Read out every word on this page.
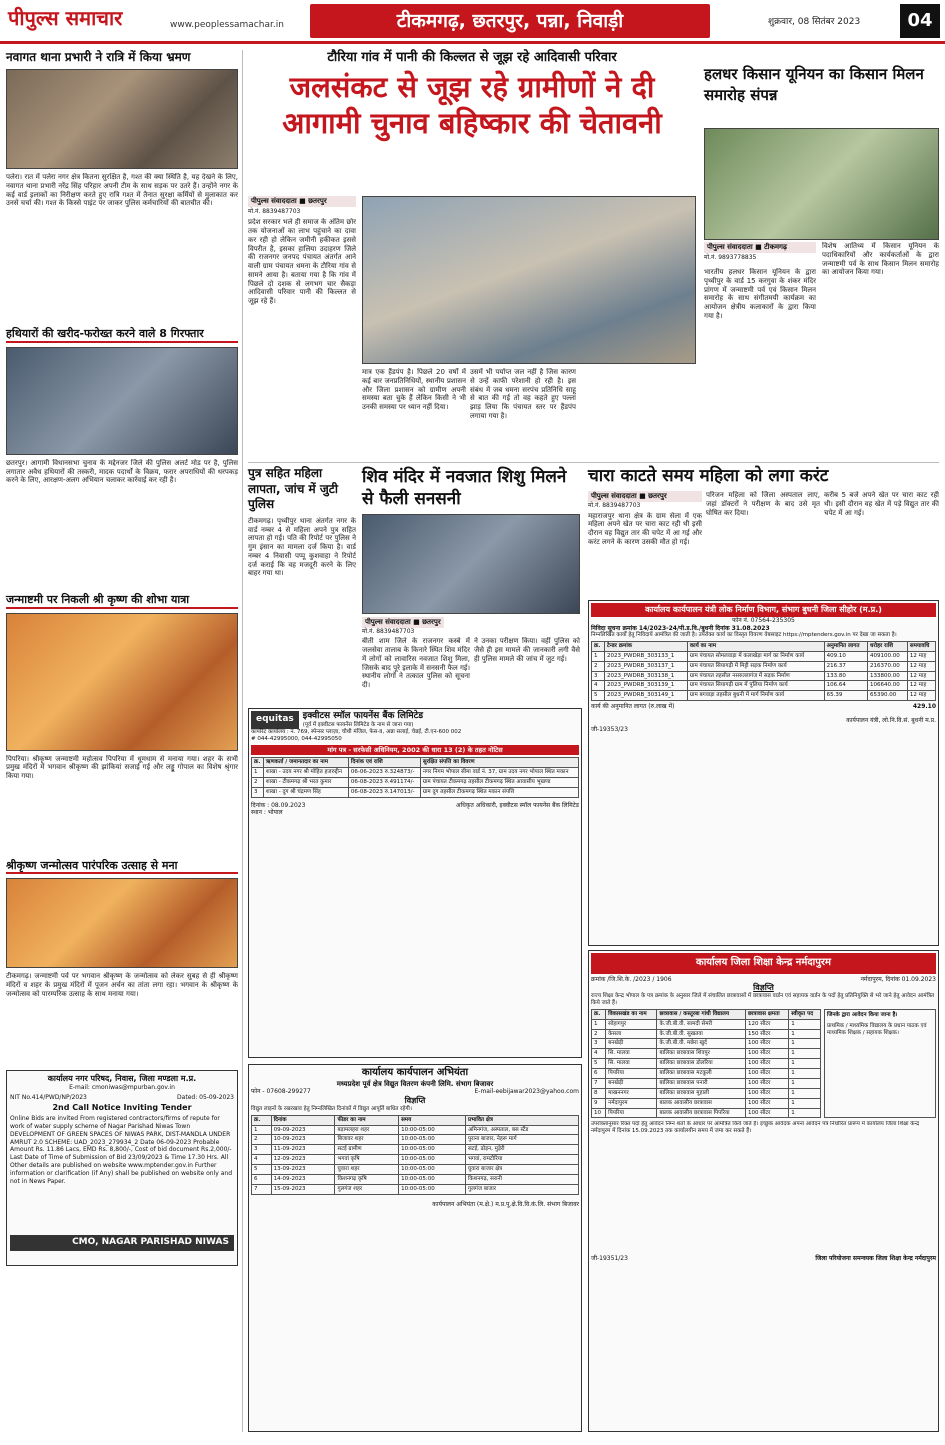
पीपुल्स समाचार	www.peoplessamachar.in	टीकमगढ़, छतरपुर, पन्ना, निवाड़ी	शुक्रवार, 08 सितंबर 2023	04
नवागत थाना प्रभारी ने रात्रि में किया भ्रमण
पलेरा। रात में पलेरा नगर क्षेत्र कितना सुरक्षित है, गश्त की क्या स्थिति है, यह देखने के लिए, नवागत थाना प्रभारी नरेंद्र सिंह परिहार अपनी टीम के साथ सड़क पर उतरे हैं। उन्होंने नगर के कई वार्ड इलाकों का निरीक्षण करते हुए रात्रि गश्त में तैनात सुरक्षा कर्मियों से मुलाकात कर उनसे चर्चा की। गश्त के किस्से पाइंट पर जाकर पुलिस कर्मचारियों की बातचीत की।
हथियारों की खरीद-फरोख्त करने वाले 8 गिरफ्तार
छतरपुर। आगामी विधानसभा चुनाव के मद्देनजर जिले की पुलिस अलर्ट मोड पर है, पुलिस लगातार अवैध हथियारों की तस्करी, मादक पदार्थों के विक्रय, फरार अपराधियों की धरपकड़ करने के लिए, आरक्षण-अलग अभियान चलाकर कार्रवाई कर रही है।
जन्माष्टमी पर निकली श्री कृष्ण की शोभा यात्रा
पिपरिया। श्रीकृष्ण जन्माष्टमी महोत्सव पिपरिया में धूमधाम से मनाया गया। शहर के सभी प्रमुख मंदिरों में भगवान श्रीकृष्ण की झांकियां सजाई गई और लड्डू गोपाल का विशेष श्रृंगार किया गया।
श्रीकृष्ण जन्मोत्सव पारंपरिक उत्साह से मना
टीकमगढ़। जन्माष्टमी पर्व पर भगवान श्रीकृष्ण के जन्मोत्सव को लेकर सुबह से ही श्रीकृष्ण मंदिरों व शहर के प्रमुख मंदिरों में पूजन अर्चन का तांता लगा रहा। भगवान के श्रीकृष्ण के जन्मोत्सव को पारम्परिक उत्साह के साथ मनाया गया।
कार्यालय नगर परिषद, निवास, जिला मण्डला म.प्र.
E-mail: cmoniwas@mpurban.gov.in
NIT No.414/PWD/NP/2023	Dated: 05-09-2023
2nd Call Notice Inviting Tender
Online Bids are invited From registered contractors/firms of repute for work of water supply scheme of Nagar Parishad Niwas Town DEVELOPMENT OF GREEN SPACES OF NIWAS PARK, DIST-MANDLA UNDER AMRUT 2.0 SCHEME: UAD_2023_279934_2 Date 06-09-2023 Probable Amount Rs. 11.86 Lacs, EMD Rs. 8,800/-, Cost of bid document Rs.2,000/- Last Date of Time of Submission of Bid 23/09/2023 & Time 17.30 Hrs. All Other details are published on website www.mptender.gov.in Further information or clarification (if Any) shall be published on website only and not in News Paper.
CMO, NAGAR PARISHAD NIWAS
टौरिया गांव में पानी की किल्लत से जूझ रहे आदिवासी परिवार
जलसंकट से जूझ रहे ग्रामीणों ने दी आगामी चुनाव बहिष्कार की चेतावनी
पीपुल्स संवाददाता ■ छतरपुर
मो.नं. 8839487703
प्रदेश सरकार भले ही समाज के अंतिम छोर तक योजनाओं का लाभ पहुंचाने का दावा कर रही हो लेकिन जमीनी हकीकत इससे विपरीत है, इसका हालिया उदाहरण जिले की राजनगर जनपद पंचायत अंतर्गत आने वाली ग्राम पंचायत धमना के टौरिया गांव से सामने आया है। बताया गया है कि गांव में पिछले दो दशक से लगभग चार सैकड़ा आदिवासी परिवार पानी की किल्लत से जूझ रहे हैं।
मात्र एक हैंडपंप है। पिछले 20 वर्षों में कई बार जनप्रतिनिधियों, स्थानीय प्रशासन और जिला प्रशासन को ग्रामीण अपनी समस्या बता चुके हैं लेकिन किसी ने भी उनकी समस्या पर ध्यान नहीं दिया।
उसमें भी पर्याप्त जल नहीं है जिस कारण से उन्हें काफी परेशानी हो रही है। इस संबंध में जब धमना सरपंच प्रतिनिधि साहू से बात की गई तो वह कहते हुए पल्ला झाड़ लिया कि पंचायत स्तर पर हैंडपंप लगाया गया है।
हलधर किसान यूनियन का किसान मिलन समारोह संपन्न
पीपुल्स संवाददाता ■ टीकमगढ़
मो.नं. 9893778835
भारतीय हलधर किसान यूनियन के द्वारा पृथ्वीपुर के वार्ड 15 करगुवा के शंकर मंदिर प्रांगण में जन्माष्टमी पर्व एवं किसान मिलन समारोह के साथ संगीतमयी कार्यक्रम का आयोजन क्षेत्रीय कलाकारों के द्वारा किया गया है।
विशेष आतिथ्य में किसान यूनियन के पदाधिकारियों और कार्यकर्ताओं के द्वारा जन्माष्टमी पर्व के साथ किसान मिलन समारोह का आयोजन किया गया।
पुत्र सहित महिला लापता, जांच में जुटी पुलिस
टीकमगढ़। पृथ्वीपुर थाना अंतर्गत नगर के वार्ड नम्बर 4 से महिला अपने पुत्र सहित लापता हो गई। पति की रिपोर्ट पर पुलिस ने गुम इंसान का मामला दर्ज किया है। वार्ड नम्बर 4 निवासी पप्पू कुशवाहा ने रिपोर्ट दर्ज कराई कि वह मजदूरी करने के लिए बाहर गया था।
शिव मंदिर में नवजात शिशु मिलने से फैली सनसनी
पीपुल्स संवाददाता ■ छतरपुर
मो.नं. 8839487703
बीती शाम जिले के राजनगर कस्बे में जलसेवा तालाब के किनारे स्थित शिव मंदिर में लोगों को लावारिस नवजात शिशु मिला, जिसके बाद पूरे इलाके में सनसनी फैल गई। स्थानीय लोगों ने तत्काल पुलिस को सूचना दी।
ने उनका परीक्षण किया। वहीं पुलिस को जैसे ही इस मामले की जानकारी लगी वैसे ही पुलिस मामले की जांच में जुट गई।
चारा काटते समय महिला को लगा करंट
पीपुल्स संवाददाता ■ छतरपुर
मो.नं. 8839487703
महाराजपुर थाना क्षेत्र के ग्राम सेला में एक महिला अपने खेत पर चारा काट रही थी इसी दौरान वह विद्युत तार की चपेट में आ गई और करंट लगने के कारण उसकी मौत हो गई।
परिजन महिला को जिला अस्पताल लाए, जहां डॉक्टरों ने परीक्षण के बाद उसे मृत घोषित कर दिया।
करीब 5 बजे अपने खेत पर चारा काट रही थी। इसी दौरान वह खेत में पड़े विद्युत तार की चपेट में आ गई।
कार्यालय कार्यपालन यंत्री लोक निर्माण विभाग, संभाग बुधनी जिला सीहोर (म.प्र.)
फोन नं. 07564-235305
निविदा सूचना क्रमांक 14/2023-24/पी.ड.वि./बुधनी दिनांक 31.08.2023
निम्नलिखित कार्यों हेतु निविदायें आमंत्रित की जाती है। उपरोक्त कार्य का विस्तृत विवरण वेबसाइट https://mptenders.gov.in पर देखा जा सकता है।
क्र.	टेन्डर क्रमांक	कार्य का नाम	अनुमानित लागत	धरोहर राशि	समयावधि
1	2023_PWDRB_303133_1	ग्राम पंचायत सोमलवाड़ा में कलाखेड़ा मार्ग का निर्माण कार्य	409.10	409100.00	12 माह
2	2023_PWDRB_303137_1	ग्राम पंचायत सियागढ़ी में मिट्टी सड़क निर्माण कार्य	216.37	216370.00	12 माह
3	2023_PWDRB_303138_1	ग्राम पंचायत तहसील नसरुल्लागंज में सड़क निर्माण	133.80	133800.00	12 माह
4	2023_PWDRB_303139_1	ग्राम पंचायत सियागढ़ी ग्राम में पुलिया निर्माण कार्य	106.64	106640.00	12 माह
5	2023_PWDRB_303149_1	ग्राम बगवाड़ा तहसील बुधनी में मार्ग निर्माण कार्य	65.39	65390.00	12 माह
कार्य की अनुमानित लागत (रु.लाख में)	429.10
कार्यपालन यंत्री, लो.नि.वि.सं. बुधनी म.प्र.
जी-19353/23
equitas	इक्वीटस स्मॉल फायनेंस बैंक लिमिटेड
(पूर्व में इक्वीटस फायनेंस लिमिटेड के नाम से जाना गया)
कार्पोरेट कार्यालय : नं. 769, स्पेन्सर प्लाज़ा, चौथी मंजिल, फेस-II, अन्ना सलाई, चेन्नई, टी.एन-600 002
# 044-42995000, 044-42995050
मांग पत्र - सरफेसी अधिनियम, 2002 की धारा 13 (2) के तहत नोटिस
क्र.	ऋणकर्ता / जमानतदार का नाम	दिनांक एवं राशि	सुरक्षित संपत्ति का विवरण
1	शाखा - उदय नगर श्री मोहित हजरुद्दीन	06-06-2023 रु.324873/-	नगर निगम भोपाल सीमा वार्ड नं. 37, ग्राम उदय नगर भोपाल स्थित मकान
2	शाखा - टीकमगढ़ श्री भरत कुमार	06-08-2023 रु.491174/-	ग्राम पंचायत टीकमगढ़ तहसील टीकमगढ़ स्थित आवासीय भूखण्ड
3	शाखा - दुग श्री चंद्रमण सिंह	06-08-2023 रु.147013/-	ग्राम दुग तहसील टीकमगढ़ स्थित मकान संपत्ति
दिनांक : 08.09.2023
स्थान : भोपाल
अधिकृत अधिकारी, इक्वीटस स्मॉल फायनेंस बैंक लिमिटेड
कार्यालय कार्यपालन अभियंता
मध्यप्रदेश पूर्व क्षेत्र विद्युत वितरण कंपनी लिमि. संभाग बिजावर
फोन - 07608-299277	E-mail-eebijawar2023@yahoo.com
विज्ञप्ति
विद्युत लाइनों के रखरखाव हेतु निम्नलिखित दिनांकों में विद्युत आपूर्ति बाधित रहेगी।
क्र.	दिनांक	फीडर का नाम	समय	प्रभावित क्षेत्र
1	09-09-2023	बड़ामलहरा शहर	10:00-05:00	अमिनगंज, अस्पताल, बस स्टैंड
2	10-09-2023	बिजावर शहर	10:00-05:00	पुराना बाजार, नेहरू मार्ग
3	11-09-2023	सटई ग्रामीण	10:00-05:00	सटई, ढोड़न, मुड़ेरी
4	12-09-2023	भगवां कृषि	10:00-05:00	भगवां, रामटौरिया
5	13-09-2023	घुवारा शहर	10:00-05:00	घुवारा बाजार क्षेत्र
6	14-09-2023	किशनगढ़ कृषि	10:00-05:00	किशनगढ़, सरानी
7	15-09-2023	गुलगंज शहर	10:00-05:00	गुलगंज बाजार
कार्यपालन अभियंता (म.क्षे.) म.प्र.पू.क्षे.वि.वि.कं.लि. संभाग बिजावर
कार्यालय जिला शिक्षा केन्द्र नर्मदापुरम
क्रमांक /जि.शि.के. /2023 / 1906	नर्मदापुरम, दिनांक 01.09.2023
विज्ञप्ति
राज्य शिक्षा केन्द्र भोपाल के पत्र क्रमांक के अनुसार जिले में संचालित छात्रावासों में छात्रावास वार्डन एवं सहायक वार्डन के पदों हेतु प्रतिनियुक्ति से भरे जाने हेतु आवेदन आमंत्रित किये जाते हैं।
क्र.	विकासखंड का नाम	छात्रावास / कस्तूरबा गांधी विद्यालय	छात्रावास क्षमता	स्वीकृत पद
1	सोहागपुर	के.जी.बी.वी. सामदी सेमरी	120 सीटर	1
2	केसला	के.जी.बी.वी. सुखतवा	150 सीटर	1
3	बनखेड़ी	के.जी.बी.वी. मछेरा खुर्द	100 सीटर	1
4	सि. मालवा	बालिका छात्रावास शिवपुर	100 सीटर	1
5	सि. मालवा	बालिका छात्रावास डोलरिया	100 सीटर	1
6	पिपरिया	बालिका छात्रावास मटकुली	100 सीटर	1
7	बनखेड़ी	बालिका छात्रावास पनारी	100 सीटर	1
8	माखननगर	बालिका छात्रावास मुहाली	100 सीटर	1
9	नर्मदापुरम	बालक आवासीय छात्रावास	100 सीटर	1
10	पिपरिया	बालक आवासीय छात्रावास पिपरिया	100 सीटर	1
जिनके द्वारा आवेदन किया जाना है।
प्राथमिक / माध्यमिक विद्यालय के प्रधान पाठक एवं माध्यमिक शिक्षक / सहायक शिक्षक।
उपरोक्तानुसार रिक्त पदों हेतु आवेदन निम्न शर्तों के आधार पर आमंत्रित किये जाते हैं। इच्छुक आवेदक अपना आवेदन पत्र निर्धारित प्रारूप में कार्यालय जिला शिक्षा केन्द्र नर्मदापुरम में दिनांक 15.09.2023 तक कार्यालयीन समय में जमा कर सकते हैं।
जी-19351/23	जिला परियोजना समन्वयक जिला शिक्षा केन्द्र नर्मदापुरम
